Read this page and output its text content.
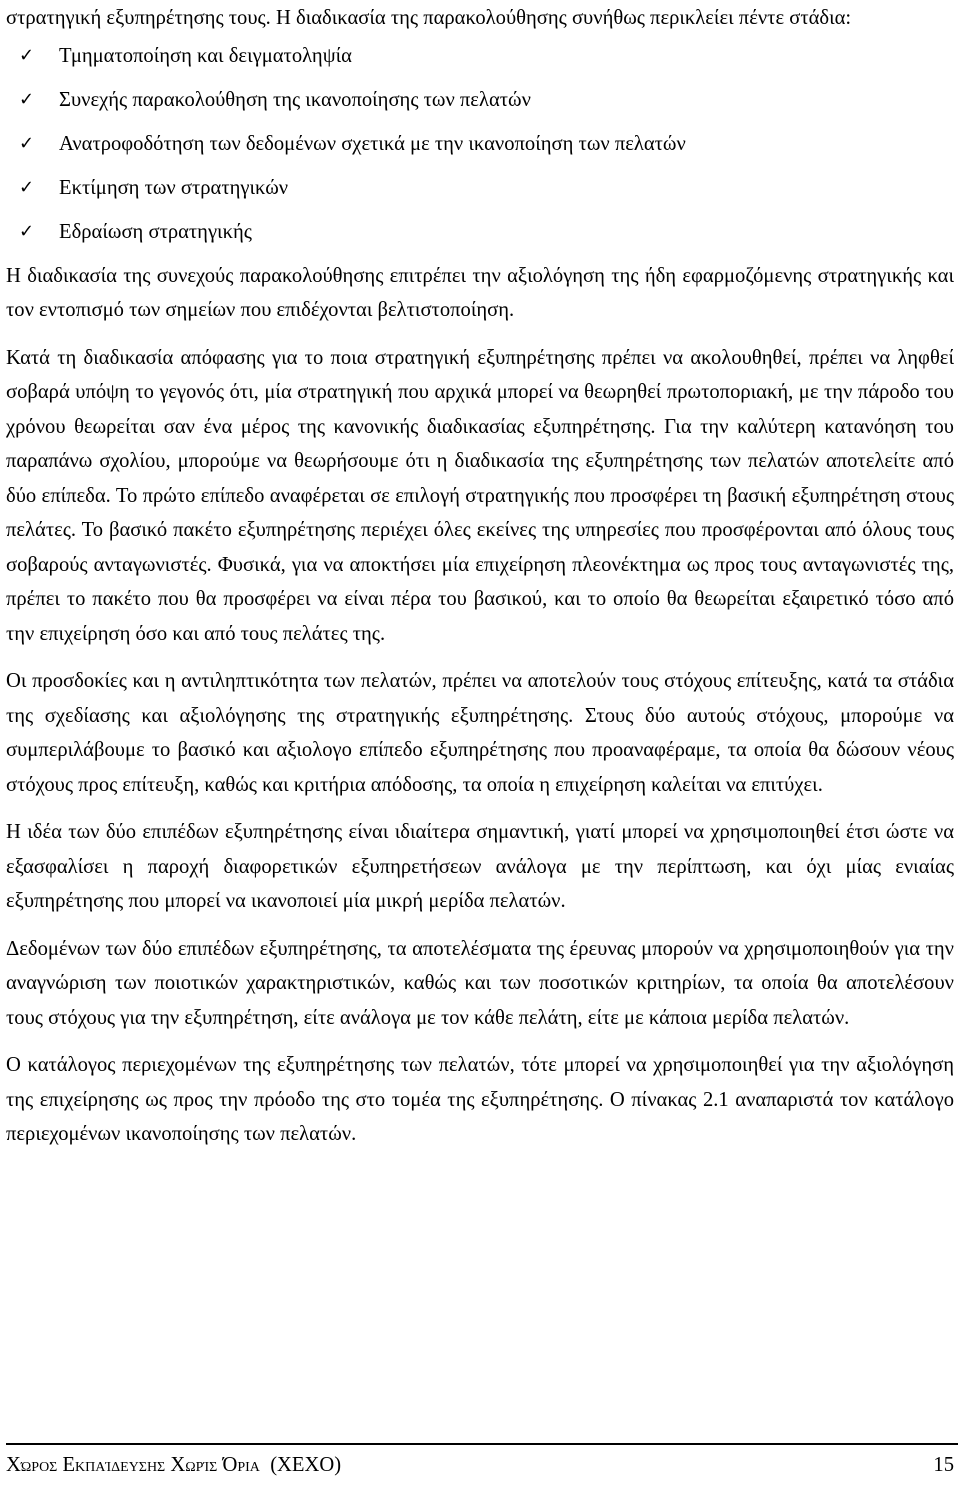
στρατηγική εξυπηρέτησης τους. Η διαδικασία της παρακολούθησης συνήθως περικλείει πέντε στάδια:

✓	Τμηματοποίηση και δειγματοληψία
✓	Συνεχής παρακολούθηση της ικανοποίησης των πελατών
✓	Ανατροφοδότηση των δεδομένων σχετικά με την ικανοποίηση των πελατών
✓	Εκτίμηση των στρατηγικών
✓	Εδραίωση στρατηγικής

Η διαδικασία της συνεχούς παρακολούθησης επιτρέπει την αξιολόγηση της ήδη εφαρμοζόμενης στρατηγικής και τον εντοπισμό των σημείων που επιδέχονται βελτιστοποίηση.

Κατά τη διαδικασία απόφασης για το ποια στρατηγική εξυπηρέτησης πρέπει να ακολουθηθεί, πρέπει να ληφθεί σοβαρά υπόψη το γεγονός ότι, μία στρατηγική που αρχικά μπορεί να θεωρηθεί πρωτοποριακή, με την πάροδο του χρόνου θεωρείται σαν ένα μέρος της κανονικής διαδικασίας εξυπηρέτησης. Για την καλύτερη κατανόηση του παραπάνω σχολίου, μπορούμε να θεωρήσουμε ότι η διαδικασία της εξυπηρέτησης των πελατών αποτελείτε από δύο επίπεδα. Το πρώτο επίπεδο αναφέρεται σε επιλογή στρατηγικής που προσφέρει τη βασική εξυπηρέτηση στους πελάτες. Το βασικό πακέτο εξυπηρέτησης περιέχει όλες εκείνες της υπηρεσίες που προσφέρονται από όλους τους σοβαρούς ανταγωνιστές. Φυσικά, για να αποκτήσει μία επιχείρηση πλεονέκτημα ως προς τους ανταγωνιστές της, πρέπει το πακέτο που θα προσφέρει να είναι πέρα του βασικού, και το οποίο θα θεωρείται εξαιρετικό τόσο από την επιχείρηση όσο και από τους πελάτες της.

Οι προσδοκίες και η αντιληπτικότητα των πελατών, πρέπει να αποτελούν τους στόχους επίτευξης, κατά τα στάδια της σχεδίασης και αξιολόγησης της στρατηγικής εξυπηρέτησης. Στους δύο αυτούς στόχους, μπορούμε να συμπεριλάβουμε το βασικό και αξιολογο επίπεδο εξυπηρέτησης που προαναφέραμε, τα οποία θα δώσουν νέους στόχους προς επίτευξη, καθώς και κριτήρια απόδοσης, τα οποία η επιχείρηση καλείται να επιτύχει.

Η ιδέα των δύο επιπέδων εξυπηρέτησης είναι ιδιαίτερα σημαντική, γιατί μπορεί να χρησιμοποιηθεί έτσι ώστε να εξασφαλίσει η παροχή διαφορετικών εξυπηρετήσεων ανάλογα με την περίπτωση, και όχι μίας ενιαίας εξυπηρέτησης που μπορεί να ικανοποιεί μία μικρή μερίδα πελατών.

Δεδομένων των δύο επιπέδων εξυπηρέτησης, τα αποτελέσματα της έρευνας μπορούν να χρησιμοποιηθούν για την αναγνώριση των ποιοτικών χαρακτηριστικών, καθώς και των ποσοτικών κριτηρίων, τα οποία θα αποτελέσουν τους στόχους για την εξυπηρέτηση, είτε ανάλογα με τον κάθε πελάτη, είτε με κάποια μερίδα πελατών.

Ο κατάλογος περιεχομένων της εξυπηρέτησης των πελατών, τότε μπορεί να χρησιμοποιηθεί για την αξιολόγηση της επιχείρησης ως προς την πρόοδο της στο τομέα της εξυπηρέτησης. Ο πίνακας 2.1 αναπαριστά τον κατάλογο περιεχομένων ικανοποίησης των πελατών.

Χώρος Εκπαίδευσης Χωρίς Όρια (ΧΕΧΟ)	15
